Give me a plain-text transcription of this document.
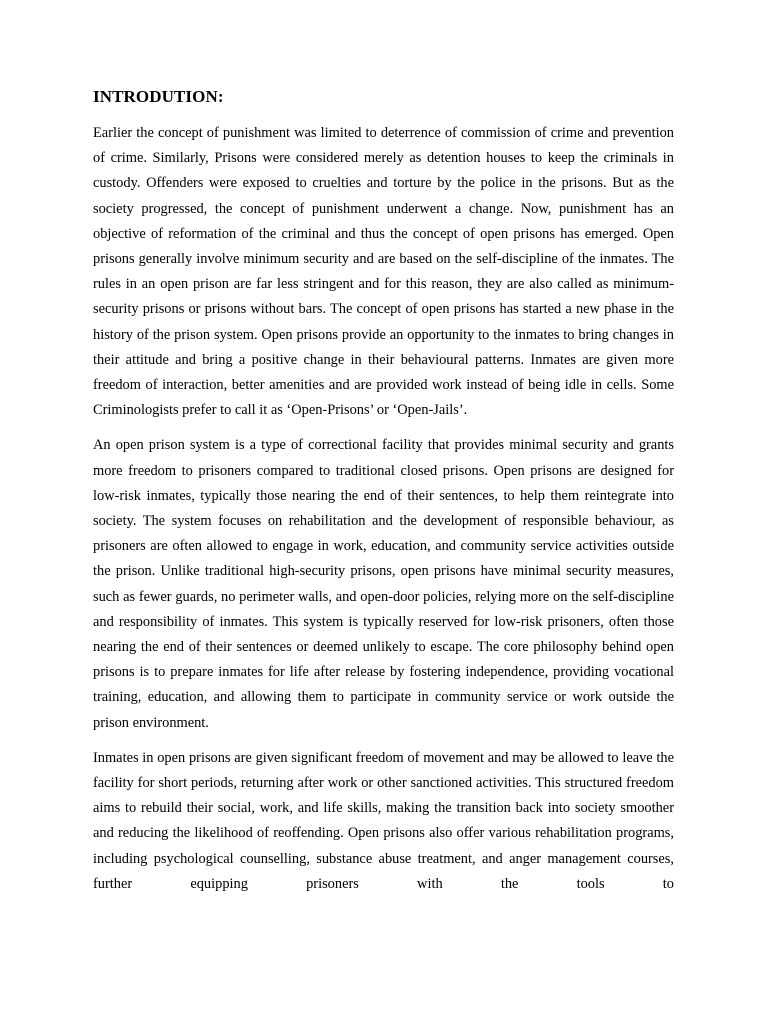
INTRODUTION:

Earlier the concept of punishment was limited to deterrence of commission of crime and prevention of crime. Similarly, Prisons were considered merely as detention houses to keep the criminals in custody. Offenders were exposed to cruelties and torture by the police in the prisons. But as the society progressed, the concept of punishment underwent a change. Now, punishment has an objective of reformation of the criminal and thus the concept of open prisons has emerged. Open prisons generally involve minimum security and are based on the self-discipline of the inmates. The rules in an open prison are far less stringent and for this reason, they are also called as minimum-security prisons or prisons without bars. The concept of open prisons has started a new phase in the history of the prison system. Open prisons provide an opportunity to the inmates to bring changes in their attitude and bring a positive change in their behavioural patterns. Inmates are given more freedom of interaction, better amenities and are provided work instead of being idle in cells. Some Criminologists prefer to call it as ‘Open-Prisons’ or ‘Open-Jails’.

An open prison system is a type of correctional facility that provides minimal security and grants more freedom to prisoners compared to traditional closed prisons. Open prisons are designed for low-risk inmates, typically those nearing the end of their sentences, to help them reintegrate into society. The system focuses on rehabilitation and the development of responsible behaviour, as prisoners are often allowed to engage in work, education, and community service activities outside the prison. Unlike traditional high-security prisons, open prisons have minimal security measures, such as fewer guards, no perimeter walls, and open-door policies, relying more on the self-discipline and responsibility of inmates. This system is typically reserved for low-risk prisoners, often those nearing the end of their sentences or deemed unlikely to escape. The core philosophy behind open prisons is to prepare inmates for life after release by fostering independence, providing vocational training, education, and allowing them to participate in community service or work outside the prison environment.

Inmates in open prisons are given significant freedom of movement and may be allowed to leave the facility for short periods, returning after work or other sanctioned activities. This structured freedom aims to rebuild their social, work, and life skills, making the transition back into society smoother and reducing the likelihood of reoffending. Open prisons also offer various rehabilitation programs, including psychological counselling, substance abuse treatment, and anger management courses, further equipping prisoners with the tools to
